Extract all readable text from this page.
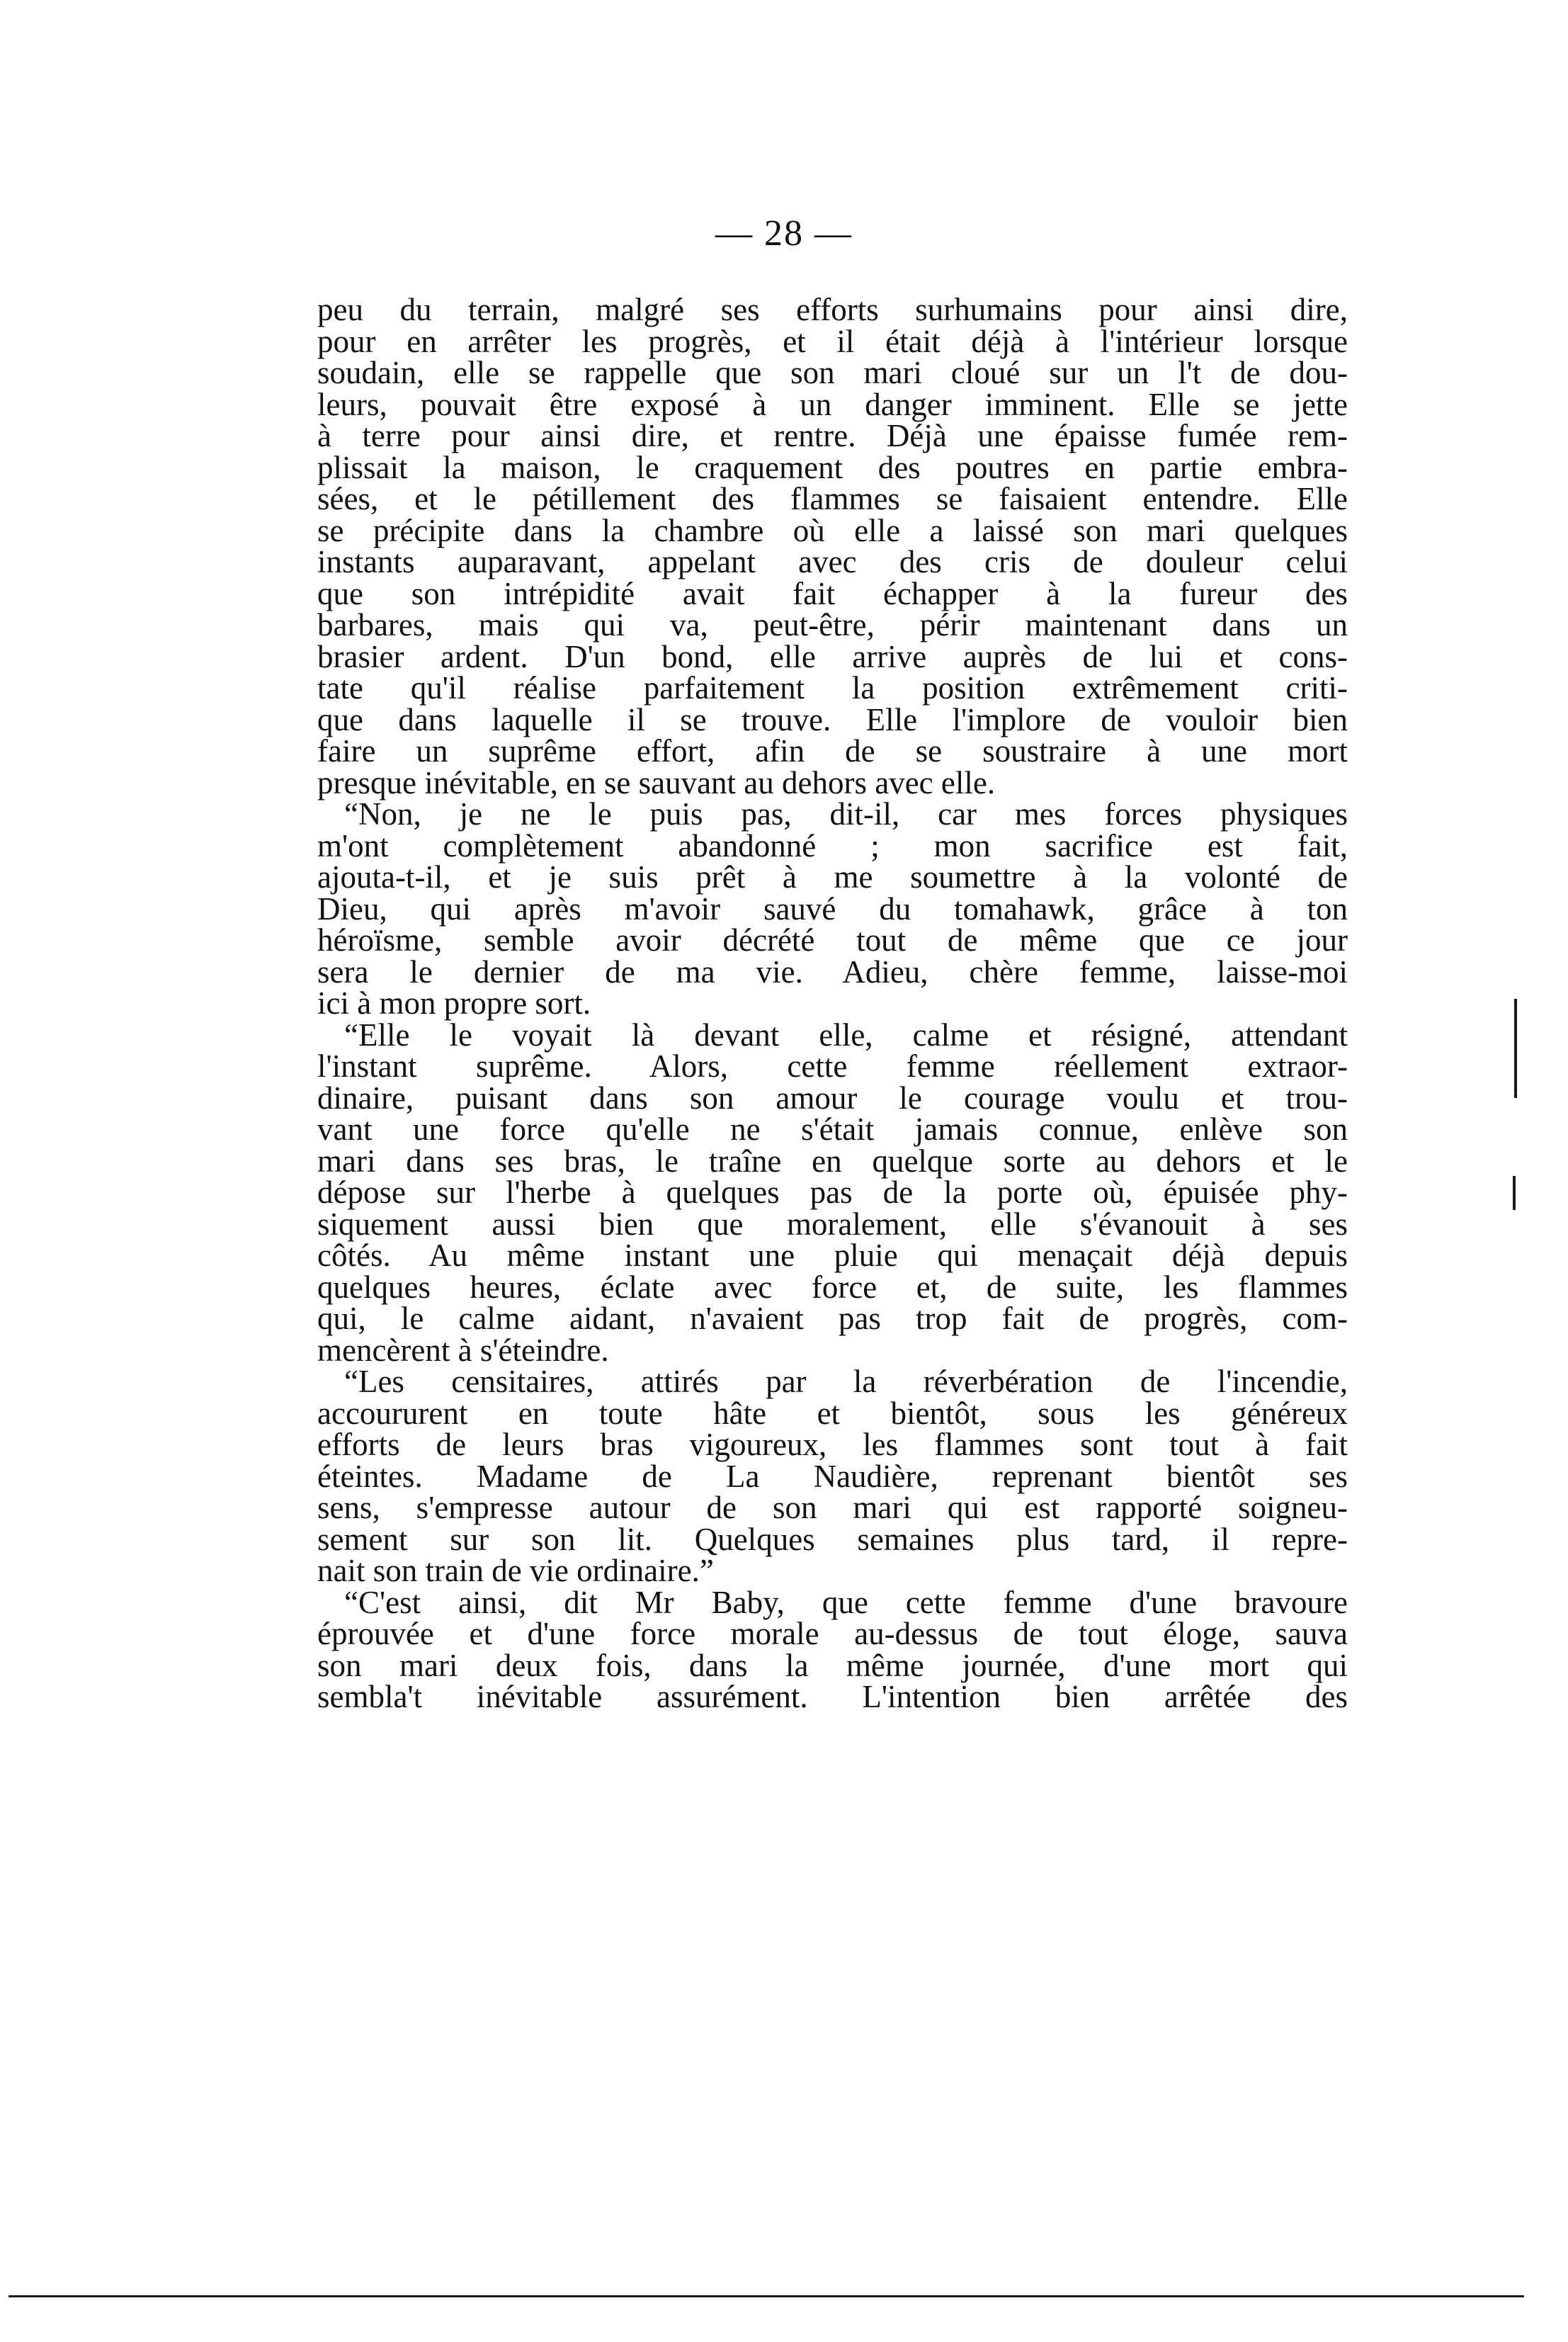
— 28 —
peu du terrain, malgré ses efforts surhumains pour ainsi dire,
pour en arrêter les progrès, et il était déjà à l'intérieur lorsque
soudain, elle se rappelle que son mari cloué sur un l't de dou-
leurs, pouvait être exposé à un danger imminent. Elle se jette
à terre pour ainsi dire, et rentre. Déjà une épaisse fumée rem-
plissait la maison, le craquement des poutres en partie embra-
sées, et le pétillement des flammes se faisaient entendre. Elle
se précipite dans la chambre où elle a laissé son mari quelques
instants auparavant, appelant avec des cris de douleur celui
que son intrépidité avait fait échapper à la fureur des
barbares, mais qui va, peut-être, périr maintenant dans un
brasier ardent. D'un bond, elle arrive auprès de lui et cons-
tate qu'il réalise parfaitement la position extrêmement criti-
que dans laquelle il se trouve. Elle l'implore de vouloir bien
faire un suprême effort, afin de se soustraire à une mort
presque inévitable, en se sauvant au dehors avec elle.
“Non, je ne le puis pas, dit-il, car mes forces physiques
m'ont complètement abandonné ; mon sacrifice est fait,
ajouta-t-il, et je suis prêt à me soumettre à la volonté de
Dieu, qui après m'avoir sauvé du tomahawk, grâce à ton
héroïsme, semble avoir décrété tout de même que ce jour
sera le dernier de ma vie. Adieu, chère femme, laisse-moi
ici à mon propre sort.
“Elle le voyait là devant elle, calme et résigné, attendant
l'instant suprême. Alors, cette femme réellement extraor-
dinaire, puisant dans son amour le courage voulu et trou-
vant une force qu'elle ne s'était jamais connue, enlève son
mari dans ses bras, le traîne en quelque sorte au dehors et le
dépose sur l'herbe à quelques pas de la porte où, épuisée phy-
siquement aussi bien que moralement, elle s'évanouit à ses
côtés. Au même instant une pluie qui menaçait déjà depuis
quelques heures, éclate avec force et, de suite, les flammes
qui, le calme aidant, n'avaient pas trop fait de progrès, com-
mencèrent à s'éteindre.
“Les censitaires, attirés par la réverbération de l'incendie,
accoururent en toute hâte et bientôt, sous les généreux
efforts de leurs bras vigoureux, les flammes sont tout à fait
éteintes. Madame de La Naudière, reprenant bientôt ses
sens, s'empresse autour de son mari qui est rapporté soigneu-
sement sur son lit. Quelques semaines plus tard, il repre-
nait son train de vie ordinaire.”
“C'est ainsi, dit Mr Baby, que cette femme d'une bravoure
éprouvée et d'une force morale au-dessus de tout éloge, sauva
son mari deux fois, dans la même journée, d'une mort qui
sembla't inévitable assurément. L'intention bien arrêtée des
